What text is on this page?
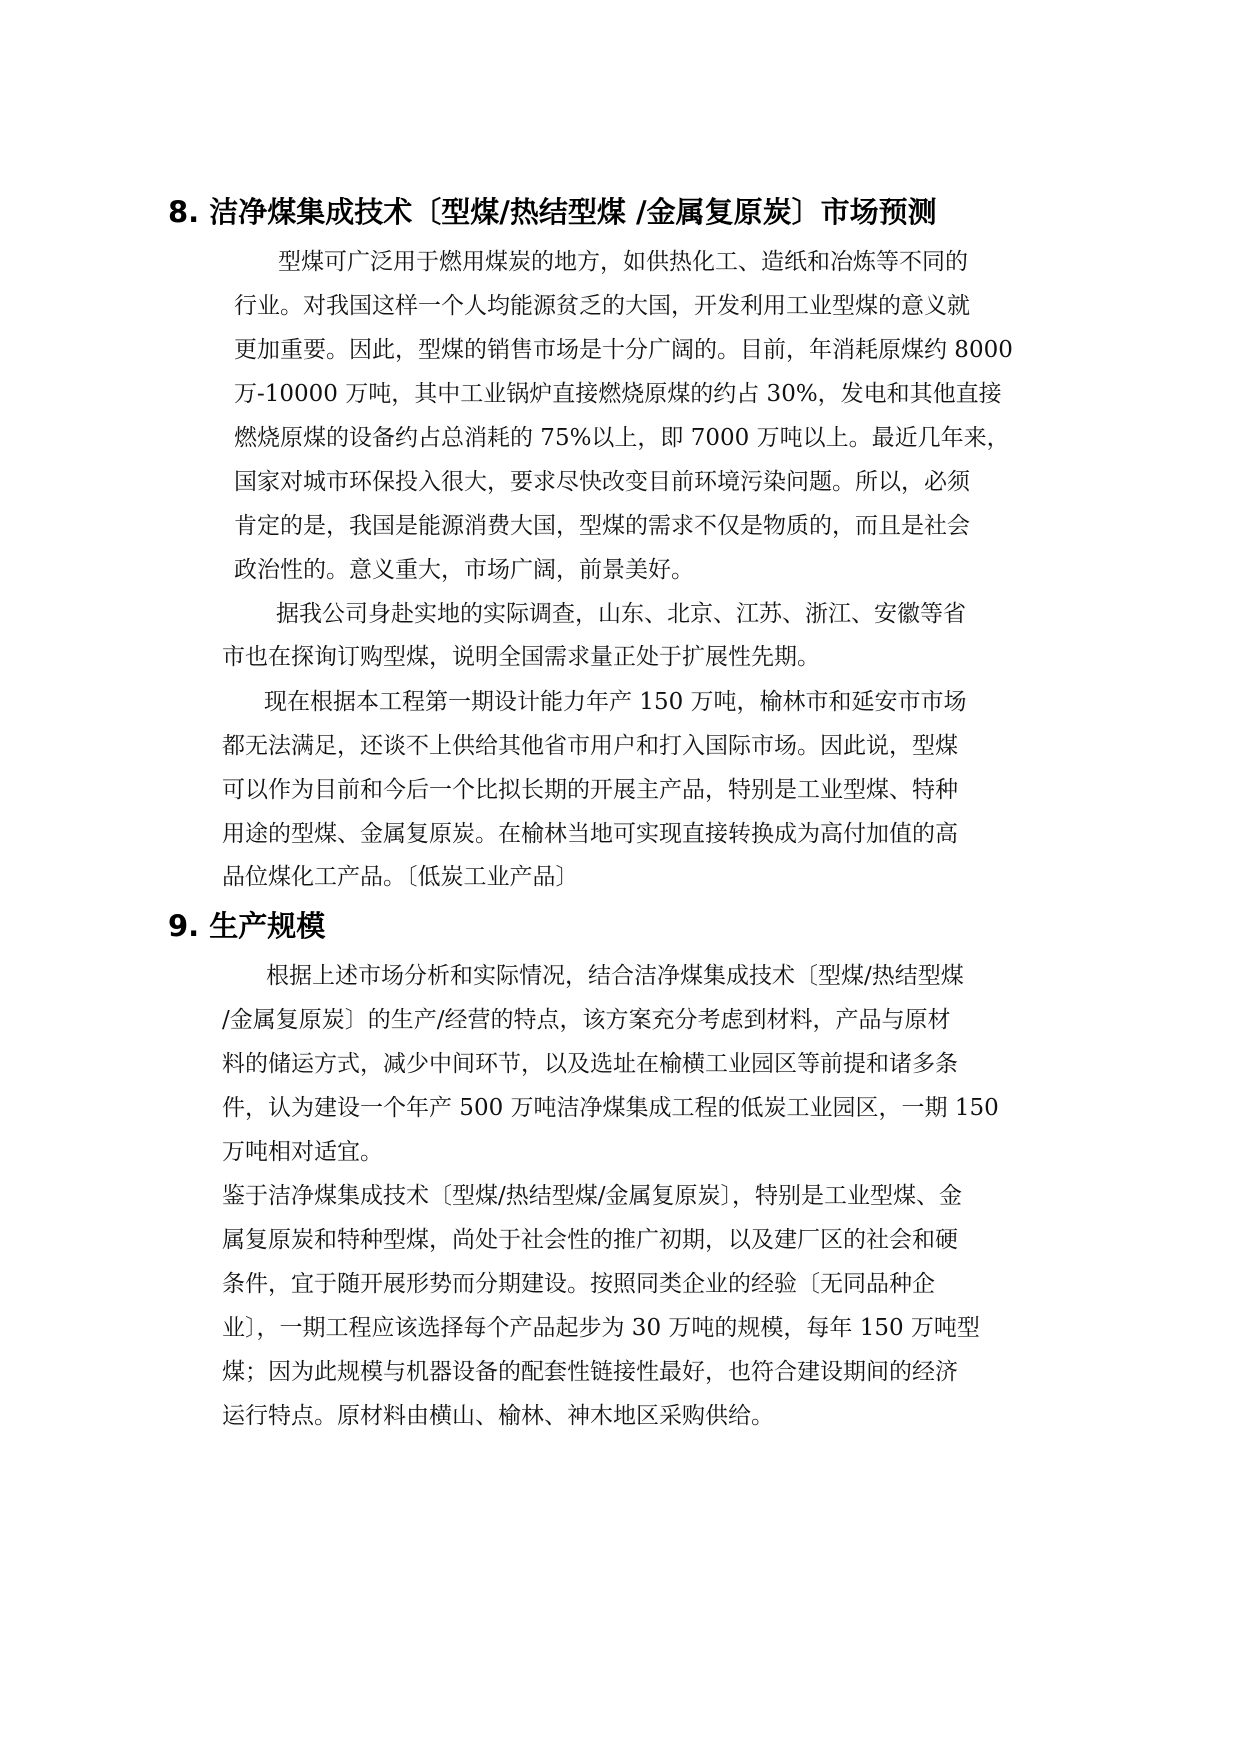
8. 洁净煤集成技术〔型煤/热结型煤 /金属复原炭〕市场预测
型煤可广泛用于燃用煤炭的地方，如供热化工、造纸和冶炼等不同的
行业。对我国这样一个人均能源贫乏的大国，开发利用工业型煤的意义就
更加重要。因此，型煤的销售市场是十分广阔的。目前，年消耗原煤约 8000
万-10000 万吨，其中工业锅炉直接燃烧原煤的约占 30%，发电和其他直接
燃烧原煤的设备约占总消耗的 75%以上，即 7000 万吨以上。最近几年来，
国家对城市环保投入很大，要求尽快改变目前环境污染问题。所以，必须
肯定的是，我国是能源消费大国，型煤的需求不仅是物质的，而且是社会
政治性的。意义重大，市场广阔，前景美好。
据我公司身赴实地的实际调查，山东、北京、江苏、浙江、安徽等省
市也在探询订购型煤，说明全国需求量正处于扩展性先期。
现在根据本工程第一期设计能力年产 150 万吨，榆林市和延安市市场
都无法满足，还谈不上供给其他省市用户和打入国际市场。因此说，型煤
可以作为目前和今后一个比拟长期的开展主产品，特别是工业型煤、特种
用途的型煤、金属复原炭。在榆林当地可实现直接转换成为高付加值的高
品位煤化工产品。〔低炭工业产品〕
9. 生产规模
根据上述市场分析和实际情况，结合洁净煤集成技术〔型煤/热结型煤
/金属复原炭〕的生产/经营的特点，该方案充分考虑到材料，产品与原材
料的储运方式，减少中间环节，以及选址在榆横工业园区等前提和诸多条
件，认为建设一个年产 500 万吨洁净煤集成工程的低炭工业园区，一期 150
万吨相对适宜。
鉴于洁净煤集成技术〔型煤/热结型煤/金属复原炭〕，特别是工业型煤、金
属复原炭和特种型煤，尚处于社会性的推广初期，以及建厂区的社会和硬
条件，宜于随开展形势而分期建设。按照同类企业的经验〔无同品种企
业〕，一期工程应该选择每个产品起步为 30 万吨的规模，每年 150 万吨型
煤；因为此规模与机器设备的配套性链接性最好，也符合建设期间的经济
运行特点。原材料由横山、榆林、神木地区采购供给。
